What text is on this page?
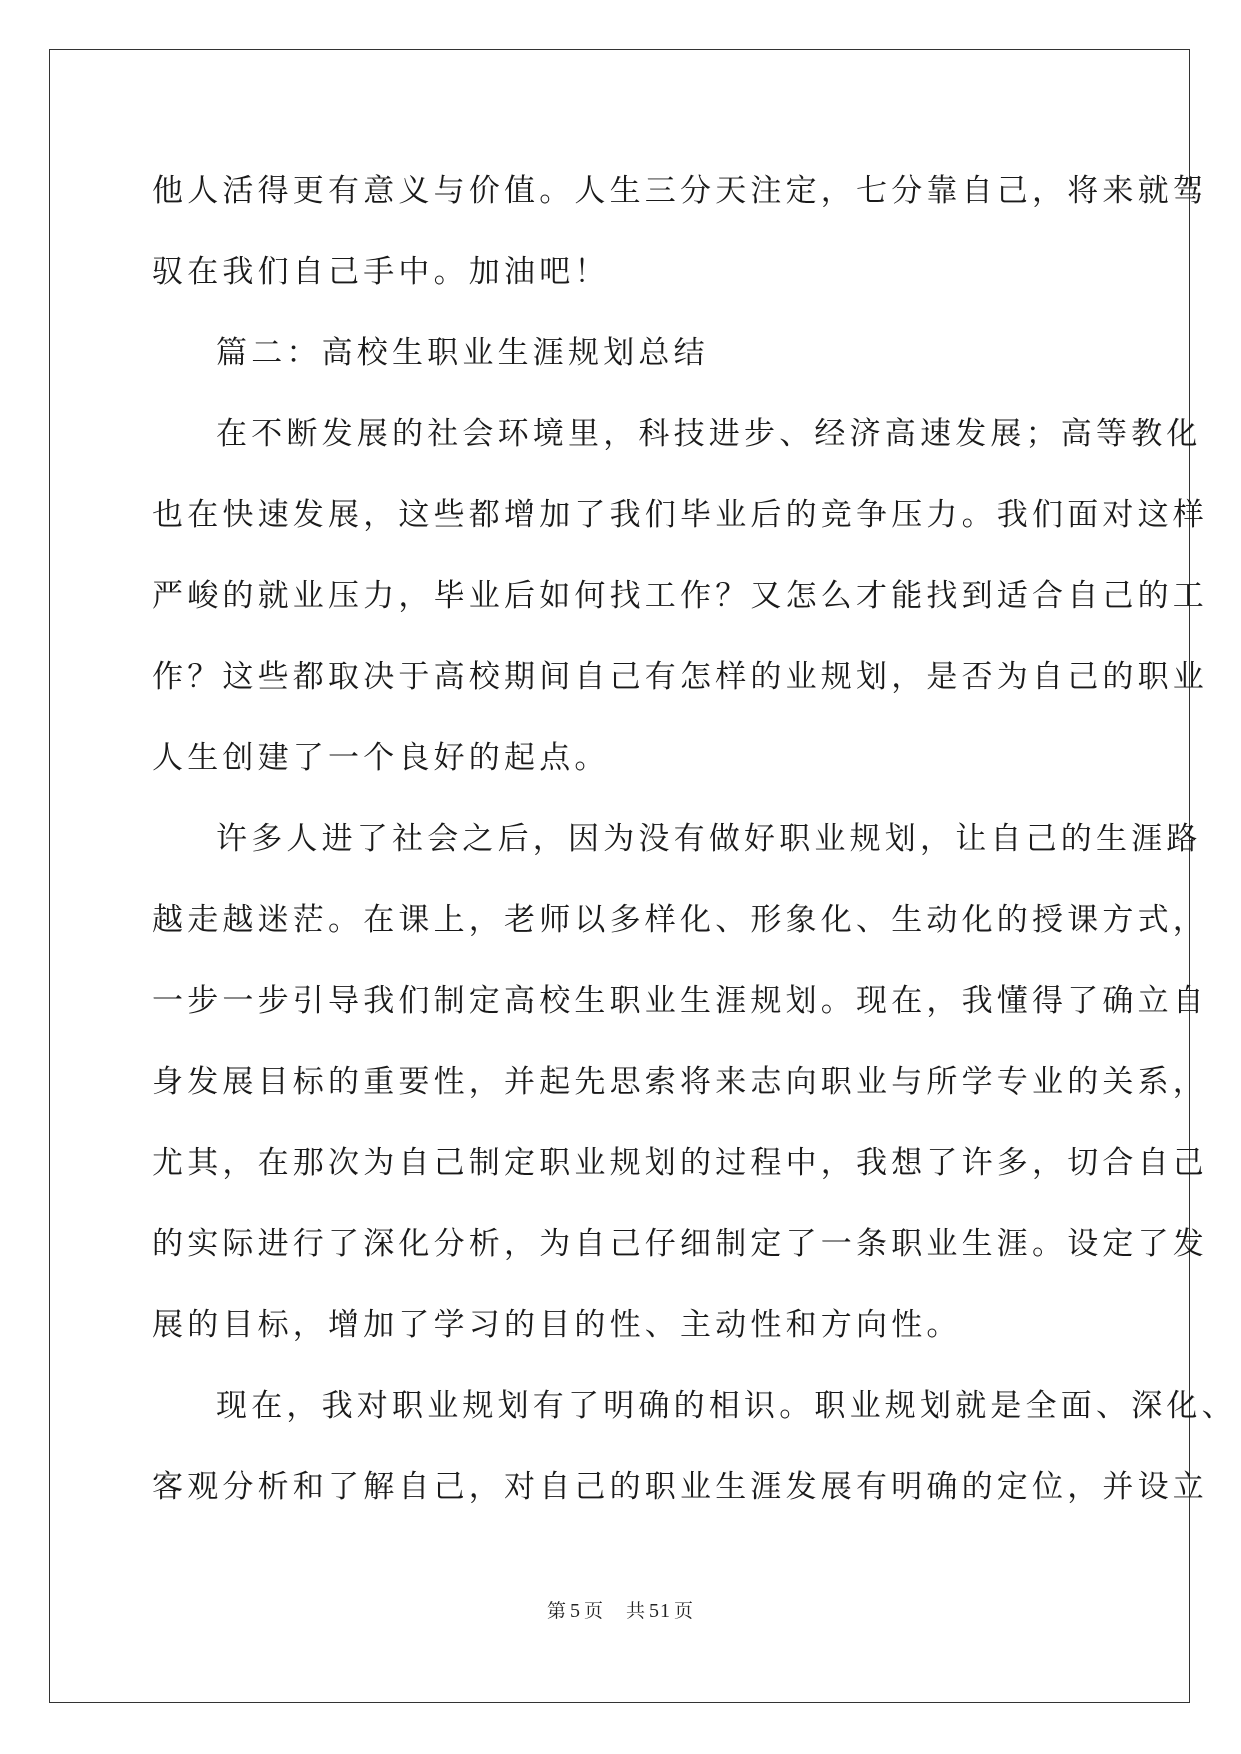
他人活得更有意义与价值。人生三分天注定，七分靠自己，将来就驾
驭在我们自己手中。加油吧！
篇二：高校生职业生涯规划总结
在不断发展的社会环境里，科技进步、经济高速发展；高等教化
也在快速发展，这些都增加了我们毕业后的竞争压力。我们面对这样
严峻的就业压力，毕业后如何找工作？又怎么才能找到适合自己的工
作？这些都取决于高校期间自己有怎样的业规划，是否为自己的职业
人生创建了一个良好的起点。
许多人进了社会之后，因为没有做好职业规划，让自己的生涯路
越走越迷茫。在课上，老师以多样化、形象化、生动化的授课方式，
一步一步引导我们制定高校生职业生涯规划。现在，我懂得了确立自
身发展目标的重要性，并起先思索将来志向职业与所学专业的关系，
尤其，在那次为自己制定职业规划的过程中，我想了许多，切合自己
的实际进行了深化分析，为自己仔细制定了一条职业生涯。设定了发
展的目标，增加了学习的目的性、主动性和方向性。
现在，我对职业规划有了明确的相识。职业规划就是全面、深化、
客观分析和了解自己，对自己的职业生涯发展有明确的定位，并设立
第 5 页 共 51 页
